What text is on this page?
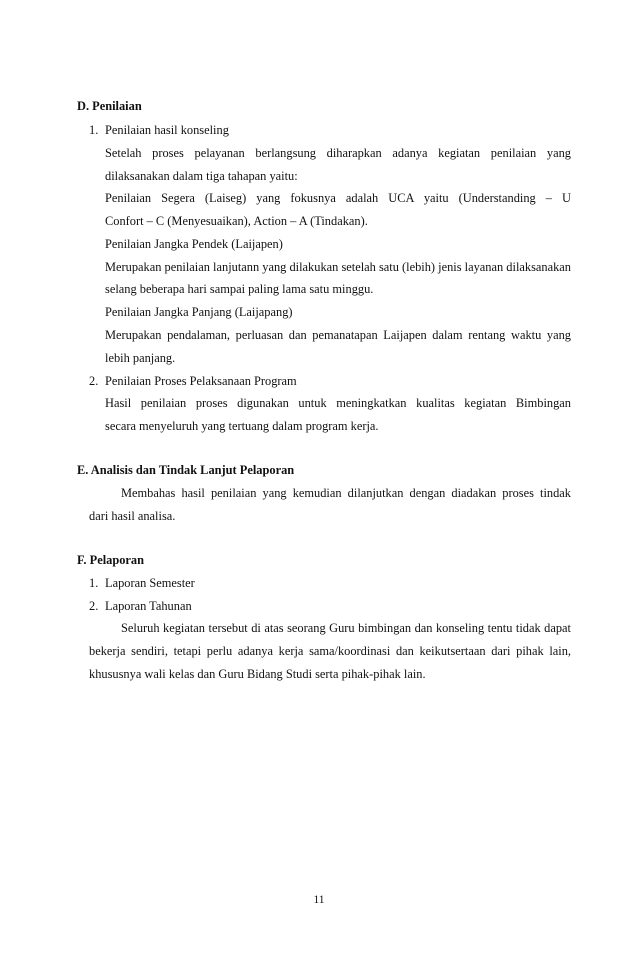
D. Penilaian
1. Penilaian hasil konseling
Setelah proses pelayanan berlangsung diharapkan adanya kegiatan penilaian yang
dilaksanakan dalam tiga tahapan yaitu:
Penilaian Segera (Laiseg) yang fokusnya adalah UCA yaitu (Understanding – U
Confort – C (Menyesuaikan), Action – A (Tindakan).
Penilaian Jangka Pendek (Laijapen)
Merupakan penilaian lanjutann yang dilakukan setelah satu (lebih) jenis layanan dilaksanakan
selang beberapa hari sampai paling lama satu minggu.
Penilaian Jangka Panjang (Laijapang)
Merupakan pendalaman, perluasan dan pemanatapan Laijapen dalam rentang waktu yang
lebih panjang.
2. Penilaian Proses Pelaksanaan Program
Hasil penilaian proses digunakan untuk meningkatkan kualitas kegiatan Bimbingan
secara menyeluruh yang tertuang dalam program kerja.
E. Analisis dan Tindak Lanjut Pelaporan
Membahas hasil penilaian yang kemudian dilanjutkan dengan diadakan proses tindak
dari hasil analisa.
F. Pelaporan
1. Laporan Semester
2. Laporan Tahunan
Seluruh kegiatan tersebut di atas seorang Guru bimbingan dan konseling tentu tidak dapat
bekerja sendiri, tetapi perlu adanya kerja sama/koordinasi dan keikutsertaan dari pihak lain,
khususnya wali kelas dan Guru Bidang Studi serta pihak-pihak lain.
11
